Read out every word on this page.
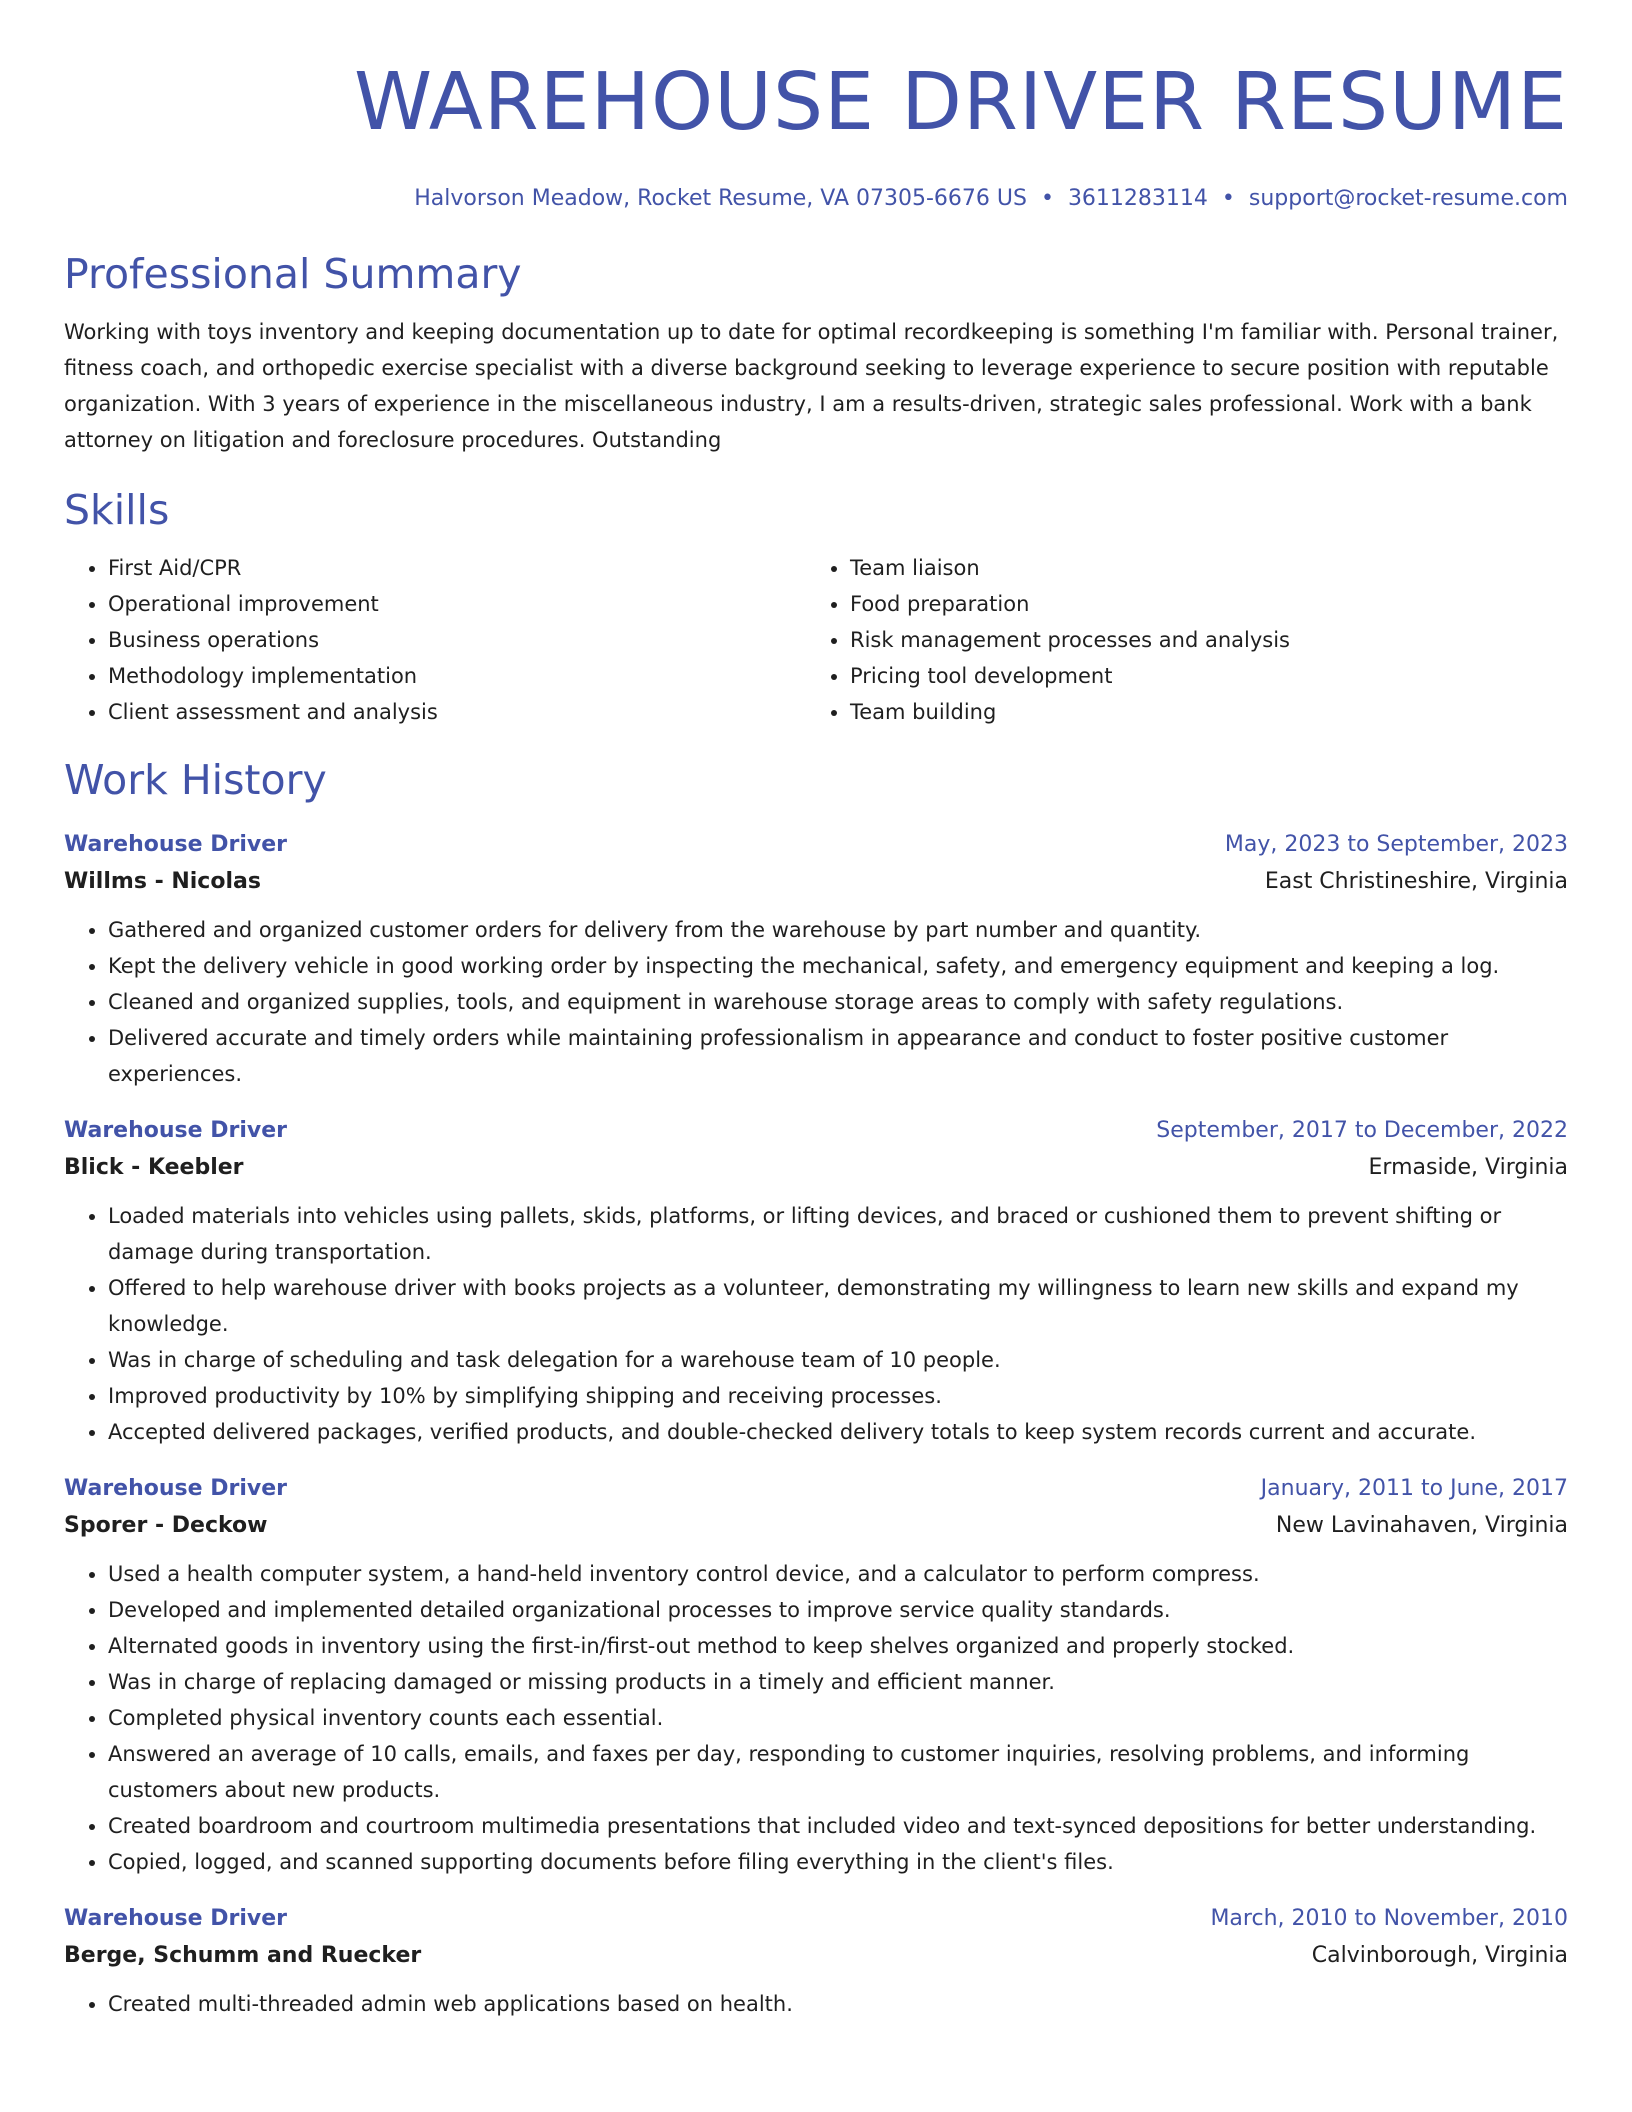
WAREHOUSE DRIVER RESUME
Halvorson Meadow, Rocket Resume, VA 07305-6676 US • 3611283114 • support@rocket-resume.com
Professional Summary
Working with toys inventory and keeping documentation up to date for optimal recordkeeping is something I'm familiar with. Personal trainer, fitness coach, and orthopedic exercise specialist with a diverse background seeking to leverage experience to secure position with reputable organization. With 3 years of experience in the miscellaneous industry, I am a results-driven, strategic sales professional. Work with a bank attorney on litigation and foreclosure procedures. Outstanding
Skills
• First Aid/CPR
• Operational improvement
• Business operations
• Methodology implementation
• Client assessment and analysis
• Team liaison
• Food preparation
• Risk management processes and analysis
• Pricing tool development
• Team building
Work History
Warehouse Driver	May, 2023 to September, 2023
Willms - Nicolas	East Christineshire, Virginia
• Gathered and organized customer orders for delivery from the warehouse by part number and quantity.
• Kept the delivery vehicle in good working order by inspecting the mechanical, safety, and emergency equipment and keeping a log.
• Cleaned and organized supplies, tools, and equipment in warehouse storage areas to comply with safety regulations.
• Delivered accurate and timely orders while maintaining professionalism in appearance and conduct to foster positive customer experiences.
Warehouse Driver	September, 2017 to December, 2022
Blick - Keebler	Ermaside, Virginia
• Loaded materials into vehicles using pallets, skids, platforms, or lifting devices, and braced or cushioned them to prevent shifting or damage during transportation.
• Offered to help warehouse driver with books projects as a volunteer, demonstrating my willingness to learn new skills and expand my knowledge.
• Was in charge of scheduling and task delegation for a warehouse team of 10 people.
• Improved productivity by 10% by simplifying shipping and receiving processes.
• Accepted delivered packages, verified products, and double-checked delivery totals to keep system records current and accurate.
Warehouse Driver	January, 2011 to June, 2017
Sporer - Deckow	New Lavinahaven, Virginia
• Used a health computer system, a hand-held inventory control device, and a calculator to perform compress.
• Developed and implemented detailed organizational processes to improve service quality standards.
• Alternated goods in inventory using the first-in/first-out method to keep shelves organized and properly stocked.
• Was in charge of replacing damaged or missing products in a timely and efficient manner.
• Completed physical inventory counts each essential.
• Answered an average of 10 calls, emails, and faxes per day, responding to customer inquiries, resolving problems, and informing customers about new products.
• Created boardroom and courtroom multimedia presentations that included video and text-synced depositions for better understanding.
• Copied, logged, and scanned supporting documents before filing everything in the client's files.
Warehouse Driver	March, 2010 to November, 2010
Berge, Schumm and Ruecker	Calvinborough, Virginia
• Created multi-threaded admin web applications based on health.
